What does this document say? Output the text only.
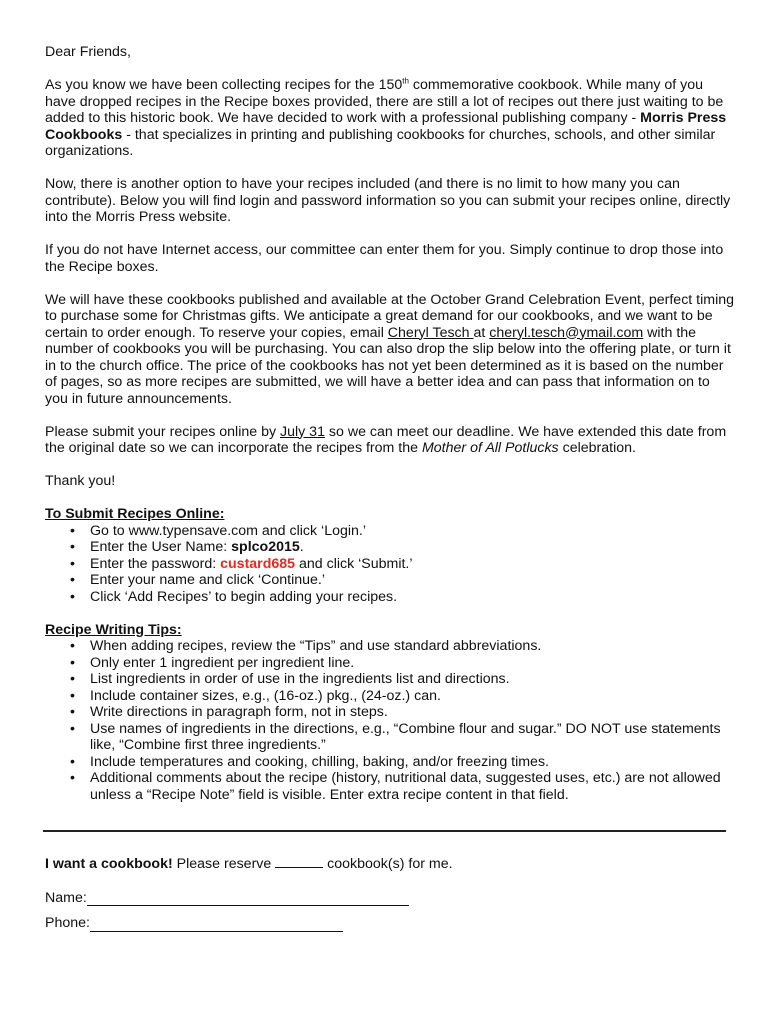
Dear Friends,

As you know we have been collecting recipes for the 150th commemorative cookbook. While many of you have dropped recipes in the Recipe boxes provided, there are still a lot of recipes out there just waiting to be added to this historic book. We have decided to work with a professional publishing company - Morris Press Cookbooks - that specializes in printing and publishing cookbooks for churches, schools, and other similar organizations.

Now, there is another option to have your recipes included (and there is no limit to how many you can contribute). Below you will find login and password information so you can submit your recipes online, directly into the Morris Press website.

If you do not have Internet access, our committee can enter them for you. Simply continue to drop those into the Recipe boxes.

We will have these cookbooks published and available at the October Grand Celebration Event, perfect timing to purchase some for Christmas gifts. We anticipate a great demand for our cookbooks, and we want to be certain to order enough. To reserve your copies, email Cheryl Tesch at cheryl.tesch@ymail.com with the number of cookbooks you will be purchasing. You can also drop the slip below into the offering plate, or turn it in to the church office. The price of the cookbooks has not yet been determined as it is based on the number of pages, so as more recipes are submitted, we will have a better idea and can pass that information on to you in future announcements.

Please submit your recipes online by July 31 so we can meet our deadline. We have extended this date from the original date so we can incorporate the recipes from the Mother of All Potlucks celebration.

Thank you!

To Submit Recipes Online:
• Go to www.typensave.com and click ‘Login.’
• Enter the User Name: splco2015.
• Enter the password: custard685 and click ‘Submit.’
• Enter your name and click ‘Continue.’
• Click ‘Add Recipes’ to begin adding your recipes.
Recipe Writing Tips:
• When adding recipes, review the “Tips” and use standard abbreviations.
• Only enter 1 ingredient per ingredient line.
• List ingredients in order of use in the ingredients list and directions.
• Include container sizes, e.g., (16-oz.) pkg., (24-oz.) can.
• Write directions in paragraph form, not in steps.
• Use names of ingredients in the directions, e.g., “Combine flour and sugar.” DO NOT use statements like, “Combine first three ingredients.”
• Include temperatures and cooking, chilling, baking, and/or freezing times.
• Additional comments about the recipe (history, nutritional data, suggested uses, etc.) are not allowed unless a “Recipe Note” field is visible. Enter extra recipe content in that field.
I want a cookbook! Please reserve	cookbook(s) for me.
Name:
Phone:
